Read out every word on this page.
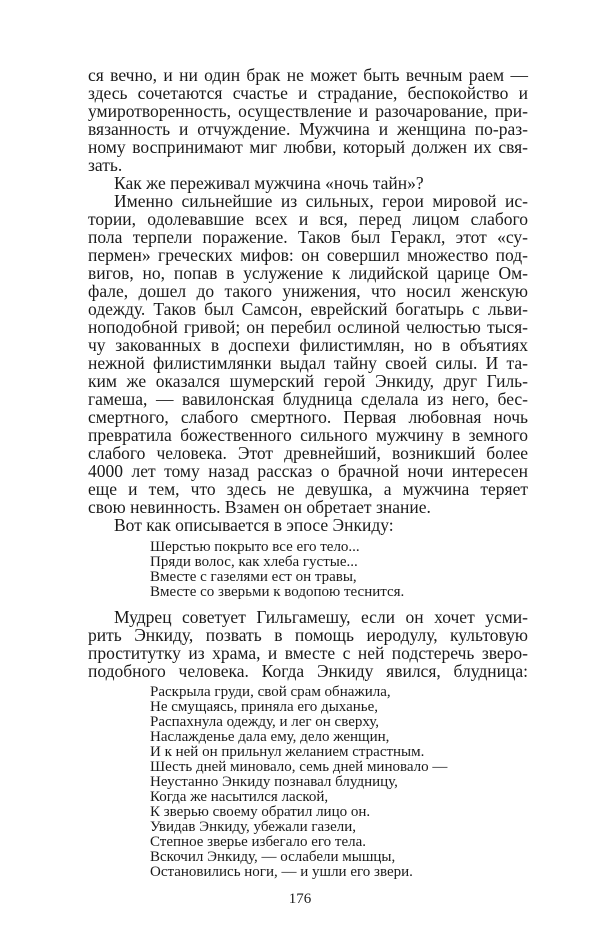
ся вечно, и ни один брак не может быть вечным раем —
здесь сочетаются счастье и страдание, беспокойство и
умиротворенность, осуществление и разочарование, при-
вязанность и отчуждение. Мужчина и женщина по-раз-
ному воспринимают миг любви, который должен их свя-
зать.
Как же переживал мужчина «ночь тайн»?
Именно сильнейшие из сильных, герои мировой ис-
тории, одолевавшие всех и вся, перед лицом слабого
пола терпели поражение. Таков был Геракл, этот «су-
пермен» греческих мифов: он совершил множество под-
вигов, но, попав в услужение к лидийской царице Ом-
фале, дошел до такого унижения, что носил женскую
одежду. Таков был Самсон, еврейский богатырь с льви-
ноподобной гривой; он перебил ослиной челюстью тыся-
чу закованных в доспехи филистимлян, но в объятиях
нежной филистимлянки выдал тайну своей силы. И та-
ким же оказался шумерский герой Энкиду, друг Гиль-
гамеша, — вавилонская блудница сделала из него, бес-
смертного, слабого смертного. Первая любовная ночь
превратила божественного сильного мужчину в земного
слабого человека. Этот древнейший, возникший более
4000 лет тому назад рассказ о брачной ночи интересен
еще и тем, что здесь не девушка, а мужчина теряет
свою невинность. Взамен он обретает знание.
Вот как описывается в эпосе Энкиду:
Шерстью покрыто все его тело...
Пряди волос, как хлеба густые...
Вместе с газелями ест он травы,
Вместе со зверьми к водопою теснится.
Мудрец советует Гильгамешу, если он хочет усми-
рить Энкиду, позвать в помощь иеродулу, культовую
проститутку из храма, и вместе с ней подстеречь звеpo-
подобного человека. Когда Энкиду явился, блудница:
Раскрыла груди, свой срам обнажила,
Не смущаясь, приняла его дыханье,
Распахнула одежду, и лег он сверху,
Наслажденье дала ему, дело женщин,
И к ней он прильнул желанием страстным.
Шесть дней миновало, семь дней миновало —
Неустанно Энкиду познавал блудницу,
Когда же насытился лаской,
К зверью своему обратил лицо он.
Увидав Энкиду, убежали газели,
Степное зверье избегало его тела.
Вскочил Энкиду, — ослабели мышцы,
Остановились ноги, — и ушли его звери.
176
